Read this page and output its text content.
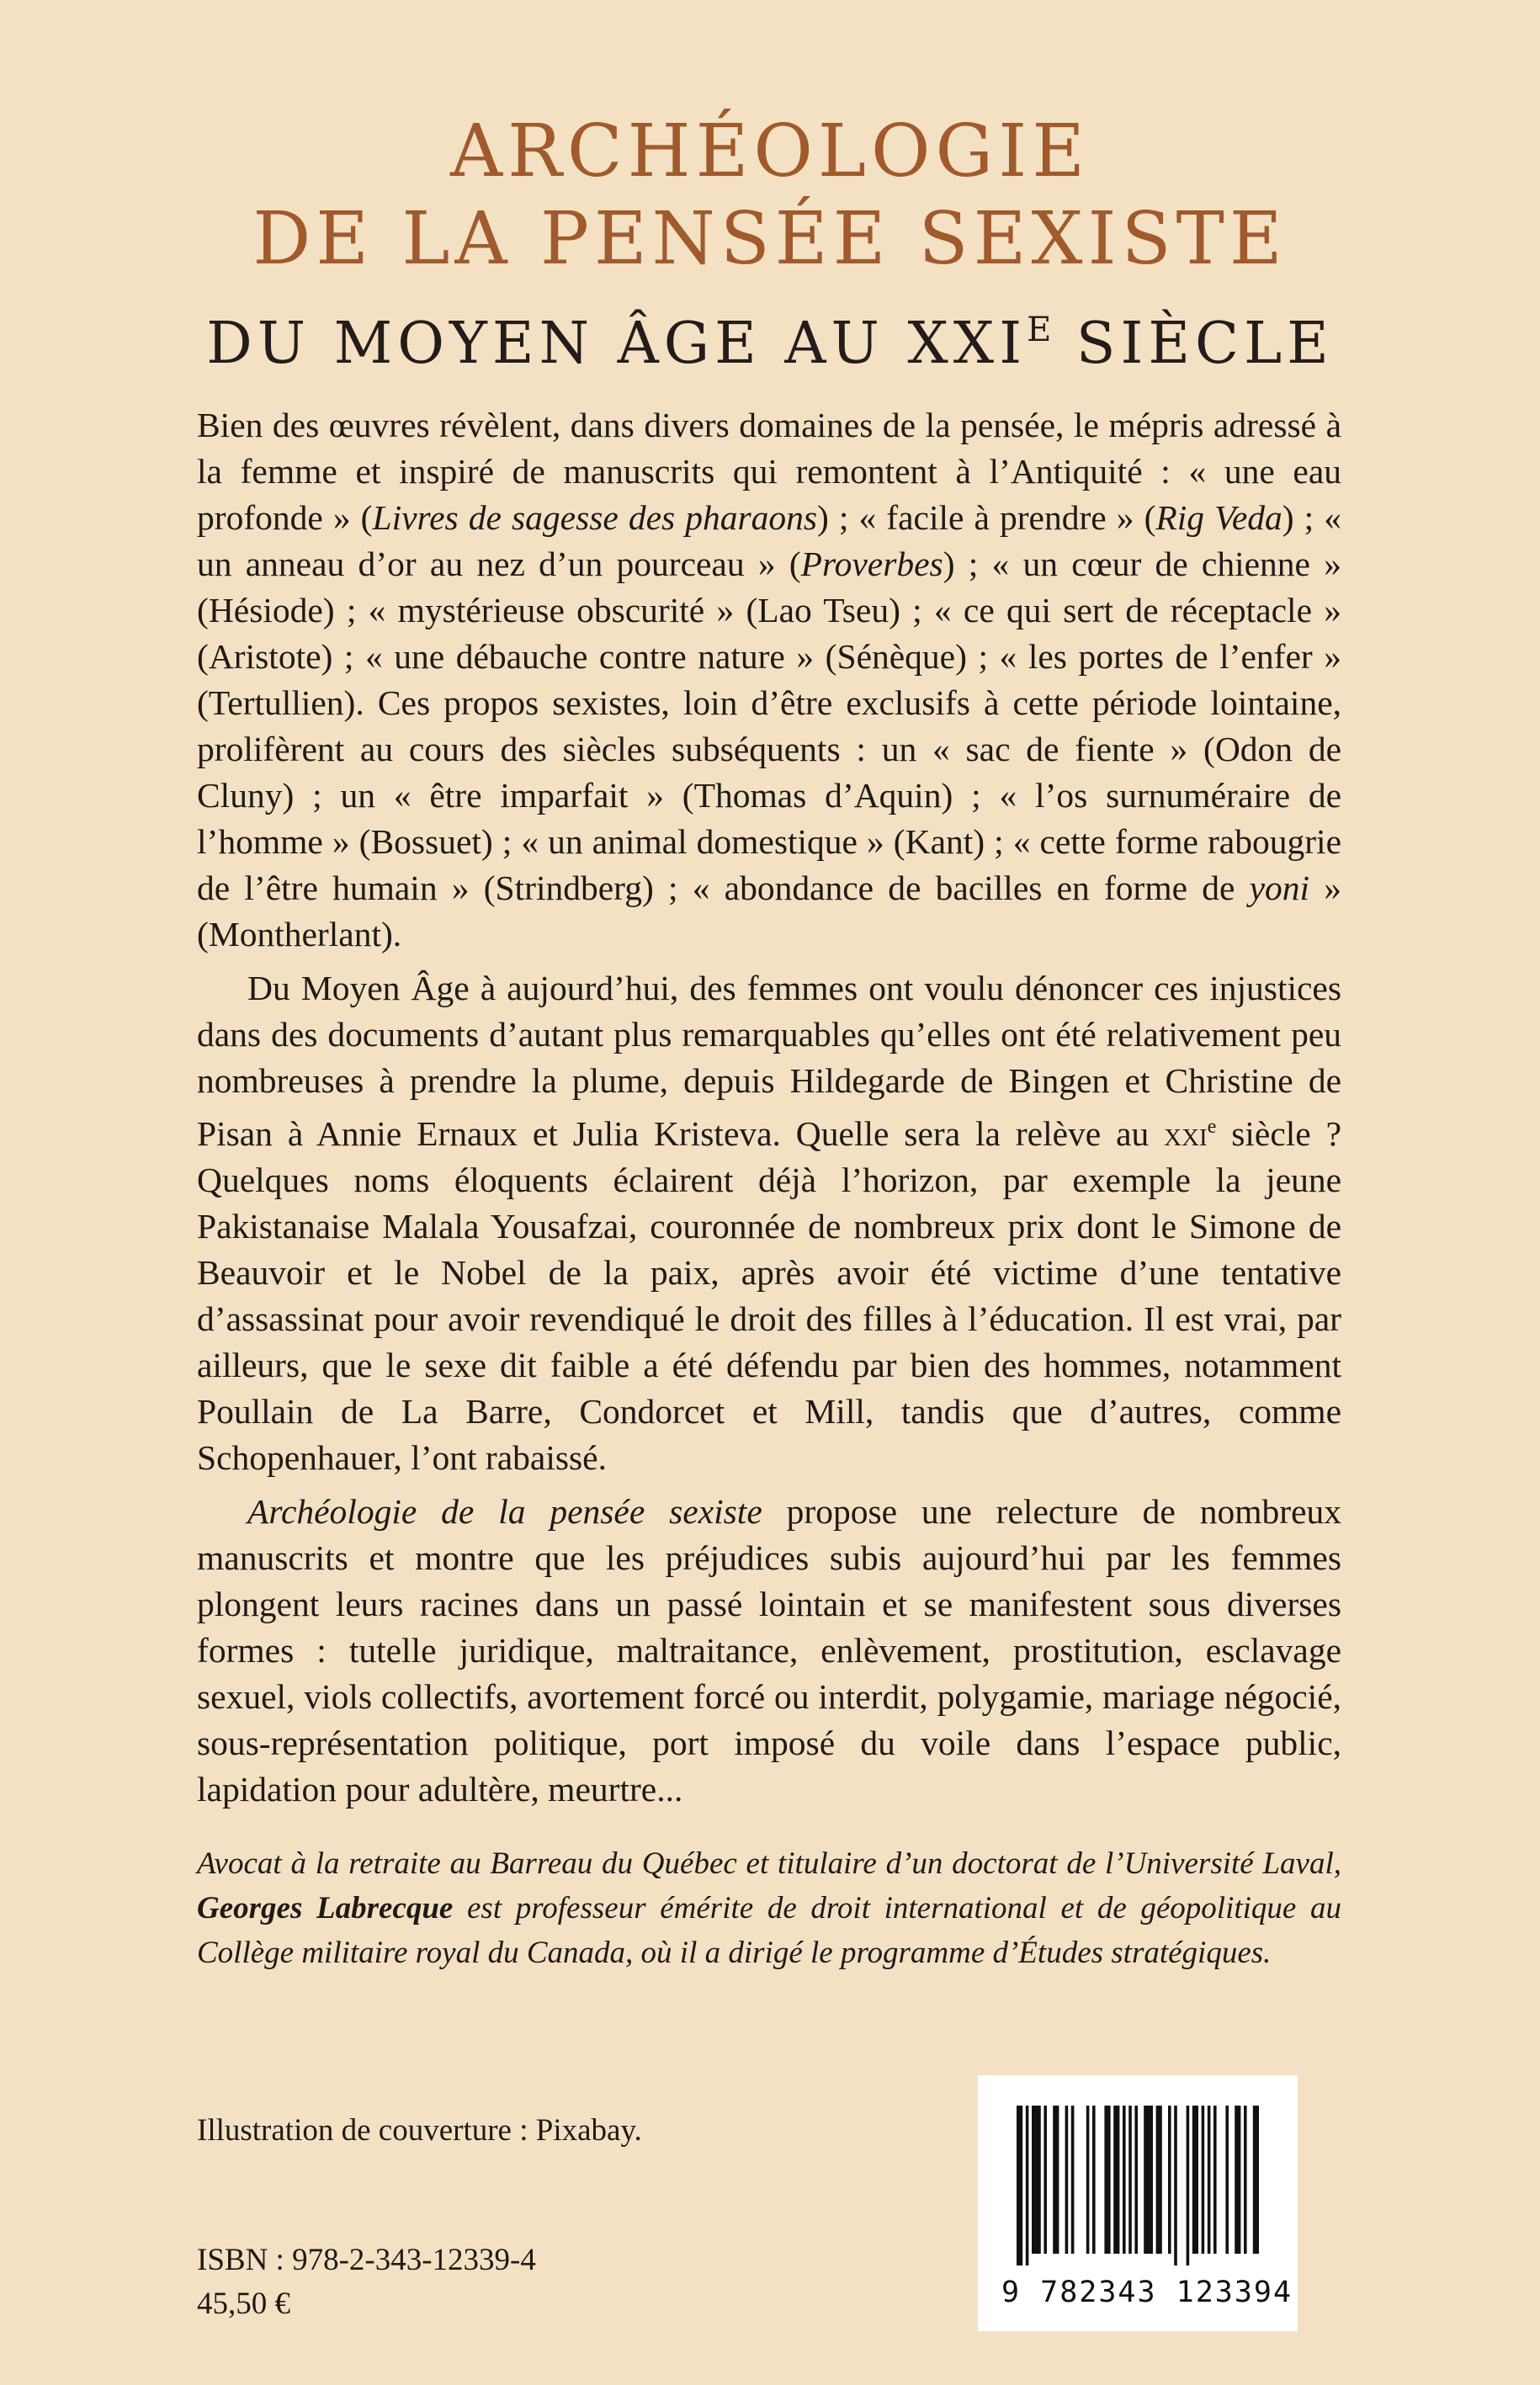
ARCHÉOLOGIE
DE LA PENSÉE SEXISTE
DU MOYEN ÂGE AU $XXI^E$ SIÈCLE

Bien des œuvres révèlent, dans divers domaines de la pensée, le mépris adressé à la femme et inspiré de manuscrits qui remontent à l’Antiquité : « une eau profonde » (Livres de sagesse des pharaons) ; « facile à prendre » (Rig Veda) ; « un anneau d’or au nez d’un pourceau » (Proverbes) ; « un cœur de chienne » (Hésiode) ; « mystérieuse obscurité » (Lao Tseu) ; « ce qui sert de réceptacle » (Aristote) ; « une débauche contre nature » (Sénèque) ; « les portes de l’enfer » (Tertullien). Ces propos sexistes, loin d’être exclusifs à cette période lointaine, prolifèrent au cours des siècles subséquents : un « sac de fiente » (Odon de Cluny) ; un « être imparfait » (Thomas d’Aquin) ; « l’os surnuméraire de l’homme » (Bossuet) ; « un animal domestique » (Kant) ; « cette forme rabougrie de l’être humain » (Strindberg) ; « abondance de bacilles en forme de yoni » (Montherlant).

Du Moyen Âge à aujourd’hui, des femmes ont voulu dénoncer ces injustices dans des documents d’autant plus remarquables qu’elles ont été relativement peu nombreuses à prendre la plume, depuis Hildegarde de Bingen et Christine de Pisan à Annie Ernaux et Julia Kristeva. Quelle sera la relève au xxi$^e$ siècle ? Quelques noms éloquents éclairent déjà l’horizon, par exemple la jeune Pakistanaise Malala Yousafzai, couronnée de nombreux prix dont le Simone de Beauvoir et le Nobel de la paix, après avoir été victime d’une tentative d’assassinat pour avoir revendiqué le droit des filles à l’éducation. Il est vrai, par ailleurs, que le sexe dit faible a été défendu par bien des hommes, notamment Poullain de La Barre, Condorcet et Mill, tandis que d’autres, comme Schopenhauer, l’ont rabaissé.

Archéologie de la pensée sexiste propose une relecture de nombreux manuscrits et montre que les préjudices subis aujourd’hui par les femmes plongent leurs racines dans un passé lointain et se manifestent sous diverses formes : tutelle juridique, maltraitance, enlèvement, prostitution, esclavage sexuel, viols collectifs, avortement forcé ou interdit, polygamie, mariage négocié, sous-représentation politique, port imposé du voile dans l’espace public, lapidation pour adultère, meurtre...

Avocat à la retraite au Barreau du Québec et titulaire d’un doctorat de l’Université Laval, Georges Labrecque est professeur émérite de droit international et de géopolitique au Collège militaire royal du Canada, où il a dirigé le programme d’Études stratégiques.
Illustration de couverture : Pixabay.
ISBN : 978-2-343-12339-4
45,50 €	9 782343 123394
